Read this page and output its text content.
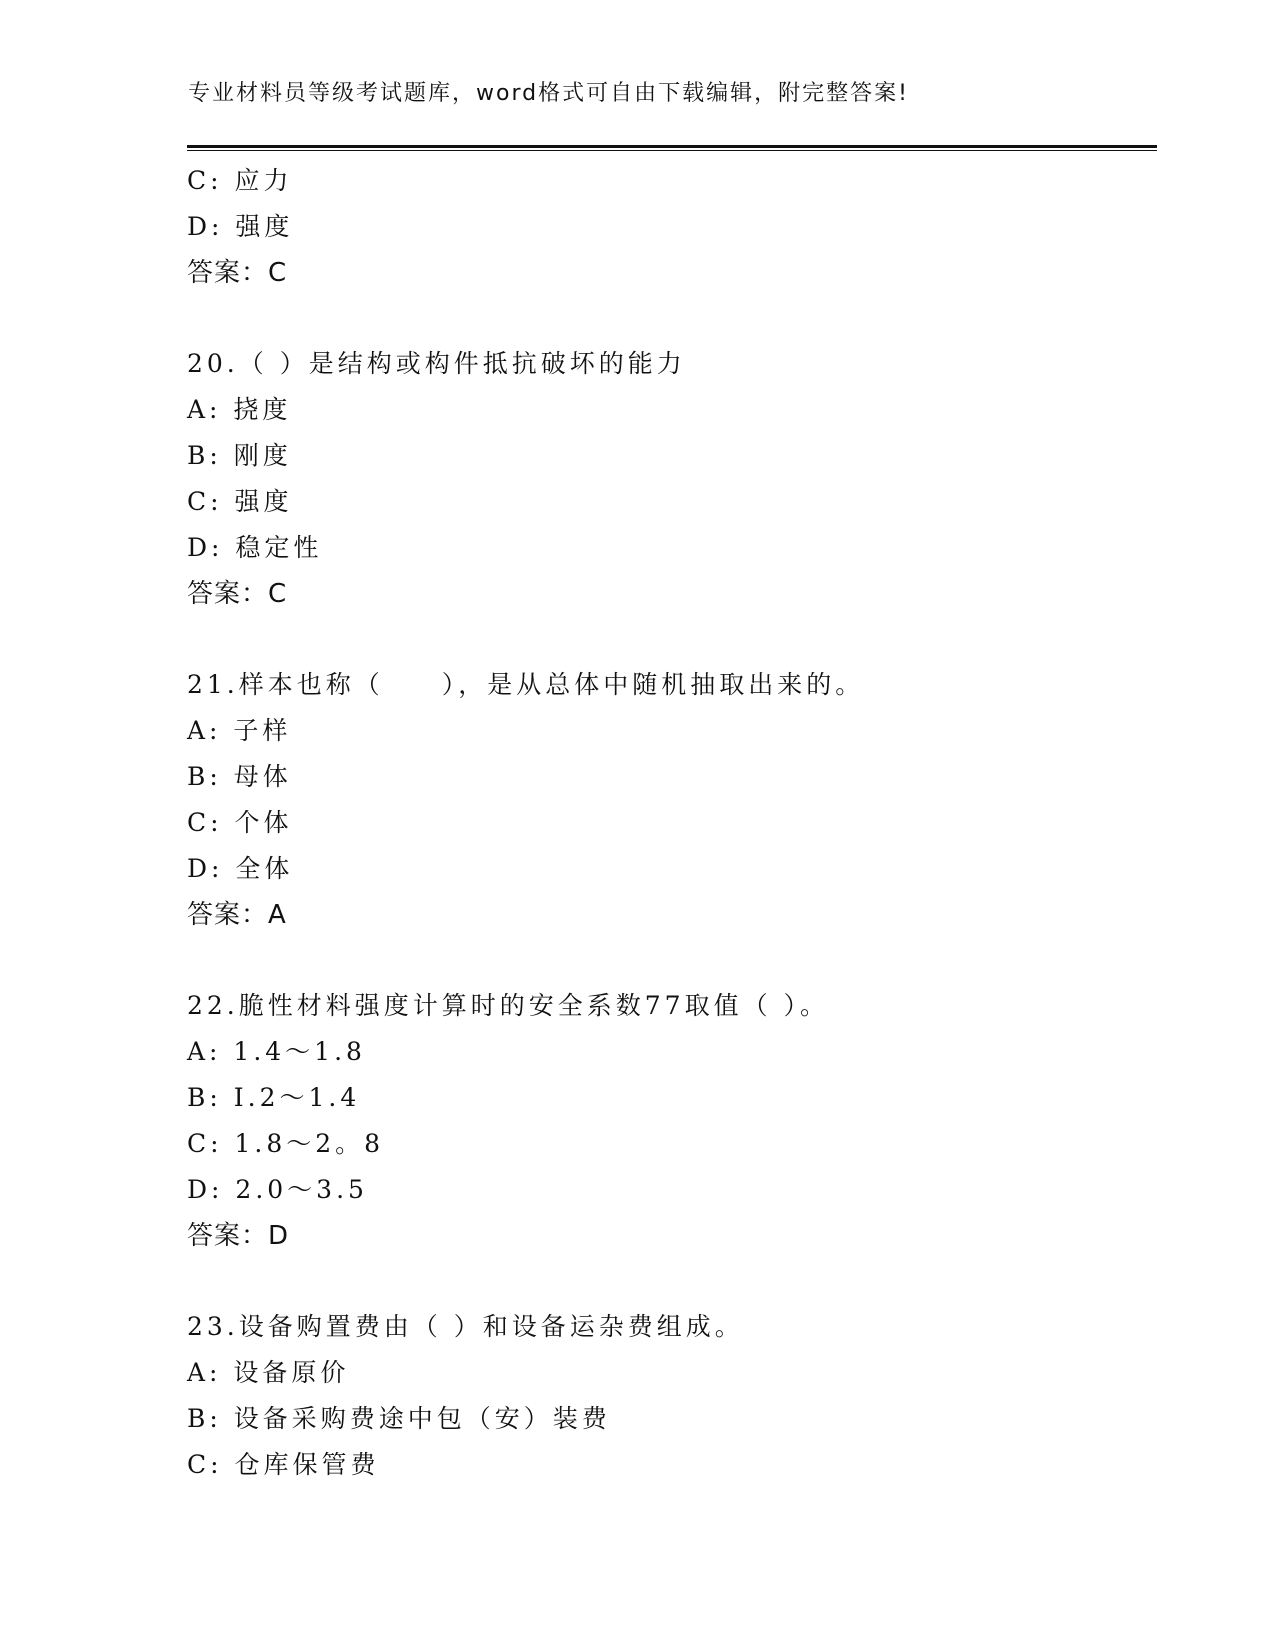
专业材料员等级考试题库，word格式可自由下载编辑，附完整答案!
C: 应力
D: 强度
答案：C
20.（ ）是结构或构件抵抗破坏的能力
A: 挠度
B: 刚度
C: 强度
D: 稳定性
答案：C
21.样本也称（　　），是从总体中随机抽取出来的。
A: 子样
B: 母体
C: 个体
D: 全体
答案：A
22.脆性材料强度计算时的安全系数77取值（ ）。
A: 1.4～1.8
B: I.2～1.4
C: 1.8～2。8
D: 2.0～3.5
答案：D
23.设备购置费由（ ）和设备运杂费组成。
A: 设备原价
B: 设备采购费途中包（安）装费
C: 仓库保管费
